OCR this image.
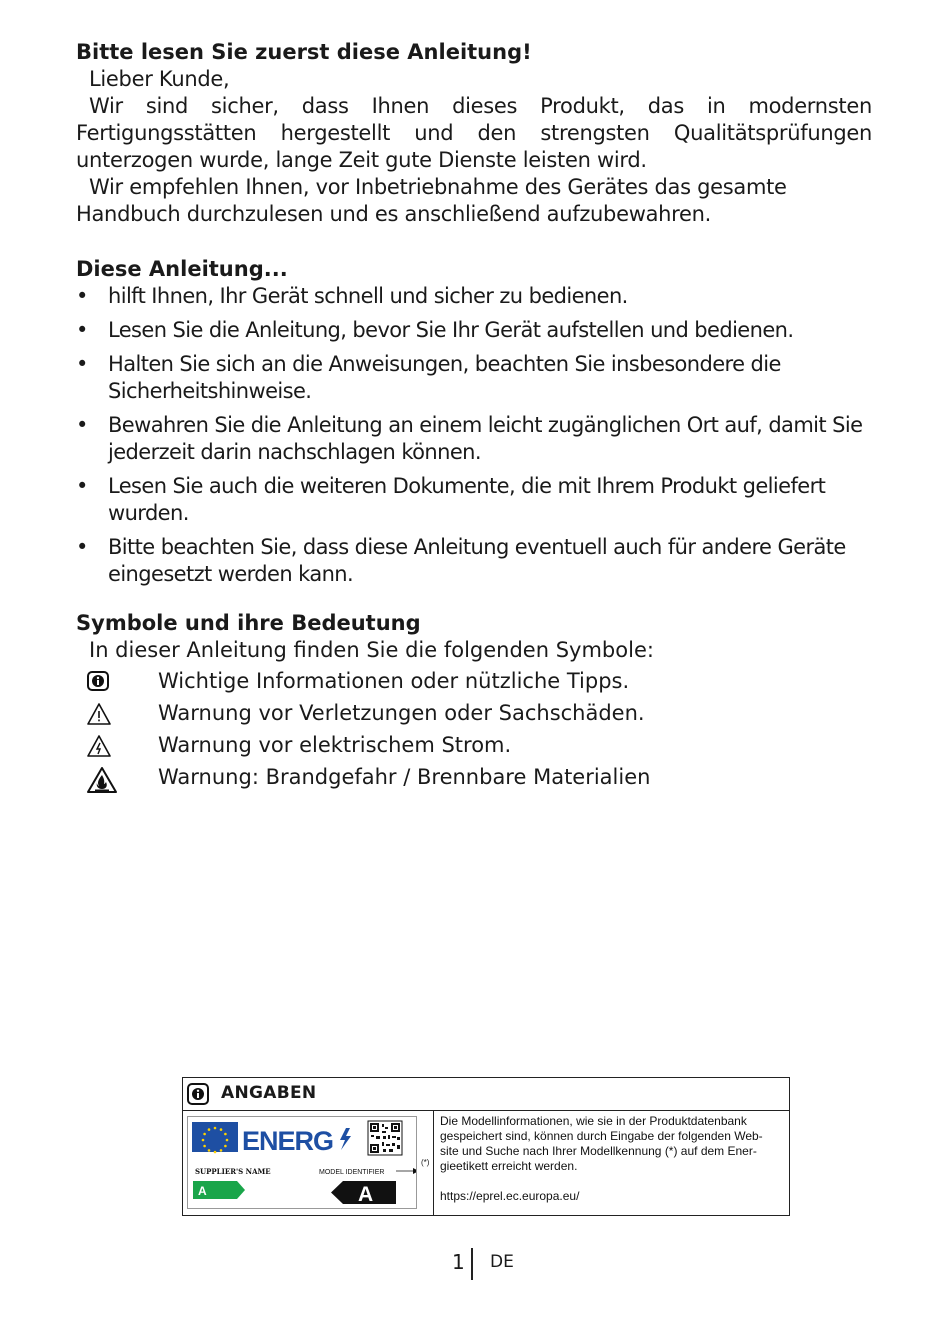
Bitte lesen Sie zuerst diese Anleitung!

Lieber Kunde,

Wir sind sicher, dass Ihnen dieses Produkt, das in modernsten Fertigungsstätten hergestellt und den strengsten Qualitätsprüfungen unterzogen wurde, lange Zeit gute Dienste leisten wird.

Wir empfehlen Ihnen, vor Inbetriebnahme des Gerätes das gesamte Handbuch durchzulesen und es anschließend aufzubewahren.

Diese Anleitung...
• hilft Ihnen, Ihr Gerät schnell und sicher zu bedienen.
• Lesen Sie die Anleitung, bevor Sie Ihr Gerät aufstellen und bedienen.
• Halten Sie sich an die Anweisungen, beachten Sie insbesondere die Sicherheitshinweise.
• Bewahren Sie die Anleitung an einem leicht zugänglichen Ort auf, damit Sie jederzeit darin nachschlagen können.
• Lesen Sie auch die weiteren Dokumente, die mit Ihrem Produkt geliefert wurden.
• Bitte beachten Sie, dass diese Anleitung eventuell auch für andere Geräte eingesetzt werden kann.
Symbole und ihre Bedeutung
In dieser Anleitung finden Sie die folgenden Symbole:
Wichtige Informationen oder nützliche Tipps.
Warnung vor Verletzungen oder Sachschäden.
Warnung vor elektrischem Strom.
Warnung: Brandgefahr / Brennbare Materialien
ANGABEN
ENERG
SUPPLIER'S NAME	MODEL IDENTIFIER
A	A
(*)
Die Modellinformationen, wie sie in der Produktdatenbank gespeichert sind, können durch Eingabe der folgenden Web-site und Suche nach Ihrer Modellkennung (*) auf dem Ener-gieetikett erreicht werden.
https://eprel.ec.europa.eu/
1 DE
